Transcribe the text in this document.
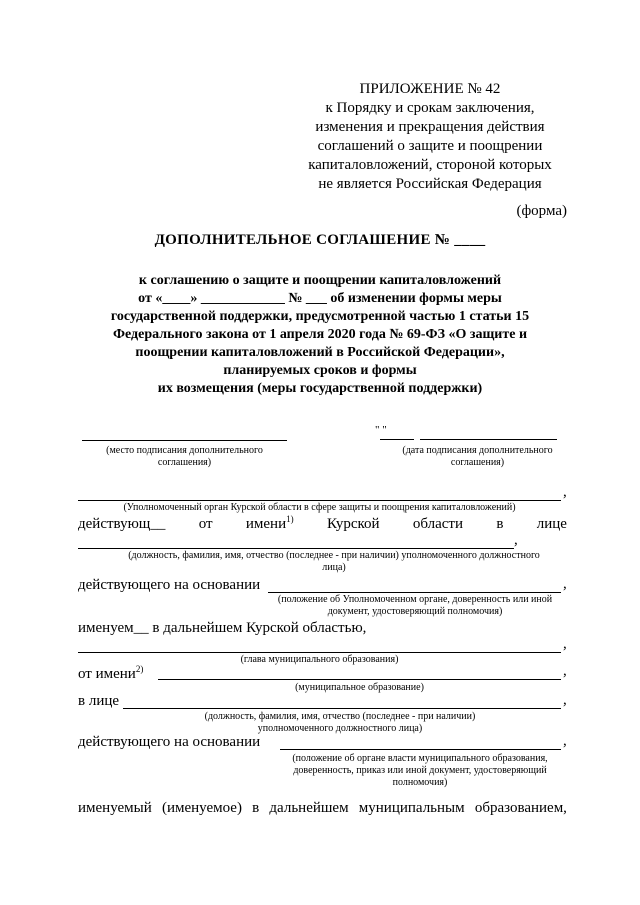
ПРИЛОЖЕНИЕ № 42
к Порядку и срокам заключения,
изменения и прекращения действия
соглашений о защите и поощрении
капиталовложений, стороной которых
не является Российская Федерация
(форма)
ДОПОЛНИТЕЛЬНОЕ СОГЛАШЕНИЕ № ____
к соглашению о защите и поощрении капиталовложений
от «____» ____________ № ___ об изменении формы меры
государственной поддержки, предусмотренной частью 1 статьи 15
Федерального закона от 1 апреля 2020 года № 69-ФЗ «О защите и
поощрении капиталовложений в Российской Федерации»,
планируемых сроков и формы
их возмещения (меры государственной поддержки)
(место подписания дополнительного
соглашения)
" "
(дата подписания дополнительного
соглашения)
,
(Уполномоченный орган Курской области в сфере защиты и поощрения капиталовложений)
действующ__ от имени$^{1)}$ Курской области в лице
,
(должность, фамилия, имя, отчество (последнее - при наличии) уполномоченного должностного
лица)
действующего на основании	,
(положение об Уполномоченном органе, доверенность или иной
документ, удостоверяющий полномочия)
именуем__ в дальнейшем Курской областью,
,
(глава муниципального образования)
от имени$^{2)}$	,
(муниципальное образование)
в лице	,
(должность, фамилия, имя, отчество (последнее - при наличии)
уполномоченного должностного лица)
действующего на основании	,
(положение об органе власти муниципального образования,
доверенность, приказ или иной документ, удостоверяющий
полномочия)
именуемый (именуемое) в дальнейшем муниципальным образованием,
